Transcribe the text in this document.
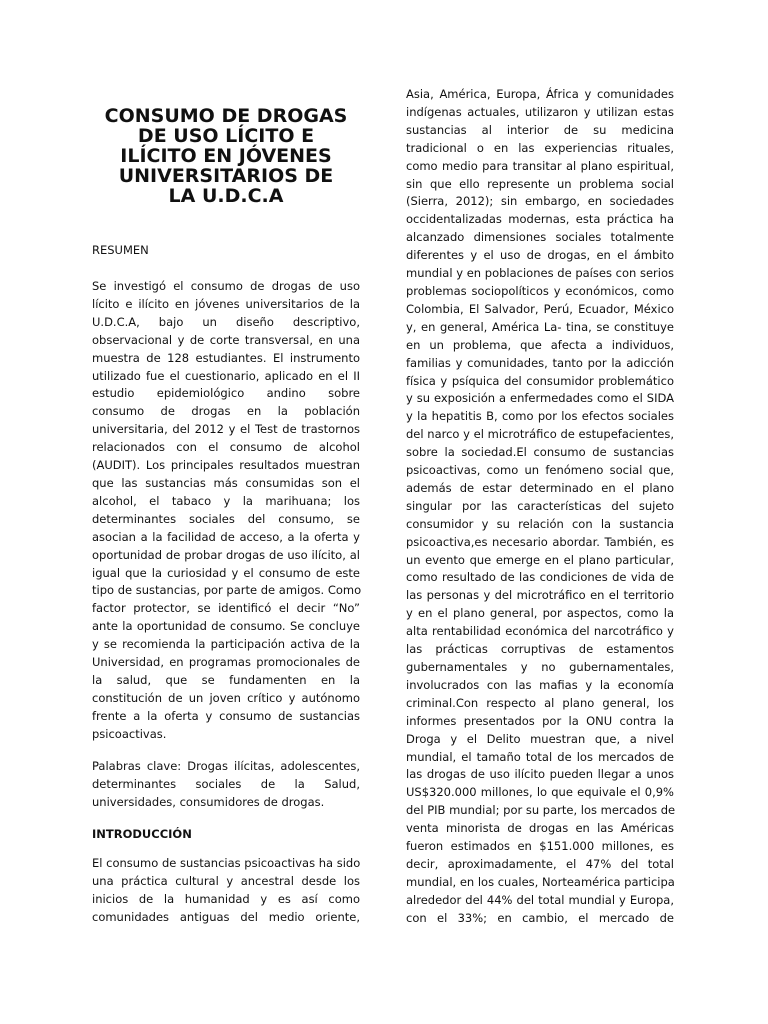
CONSUMO DE DROGAS
DE USO LÍCITO E
ILÍCITO EN JÓVENES
UNIVERSITARIOS DE
LA U.D.C.A
RESUMEN

Se investigó el consumo de drogas de uso
lícito e ilícito en jóvenes universitarios de la
U.D.C.A, bajo un diseño descriptivo,
observacional y de corte transversal, en una
muestra de 128 estudiantes. El instrumento
utilizado fue el cuestionario, aplicado en el II
estudio epidemiológico andino sobre
consumo de drogas en la población
universitaria, del 2012 y el Test de trastornos
relacionados con el consumo de alcohol
(AUDIT). Los principales resultados muestran
que las sustancias más consumidas son el
alcohol, el tabaco y la marihuana; los
determinantes sociales del consumo, se
asocian a la facilidad de acceso, a la oferta y
oportunidad de probar drogas de uso ilícito, al
igual que la curiosidad y el consumo de este
tipo de sustancias, por parte de amigos. Como
factor protector, se identificó el decir “No”
ante la oportunidad de consumo. Se concluye
y se recomienda la participación activa de la
Universidad, en programas promocionales de
la salud, que se fundamenten en la
constitución de un joven crítico y autónomo
frente a la oferta y consumo de sustancias
psicoactivas.

Palabras clave: Drogas ilícitas, adolescentes,
determinantes sociales de la Salud,
universidades, consumidores de drogas.

INTRODUCCIÓN

El consumo de sustancias psicoactivas ha sido
una práctica cultural y ancestral desde los
inicios de la humanidad y es así como
comunidades antiguas del medio oriente,

Asia, América, Europa, África y comunidades
indígenas actuales, utilizaron y utilizan estas
sustancias al interior de su medicina
tradicional o en las experiencias rituales,
como medio para transitar al plano espiritual,
sin que ello represente un problema social
(Sierra, 2012); sin embargo, en sociedades
occidentalizadas modernas, esta práctica ha
alcanzado dimensiones sociales totalmente
diferentes y el uso de drogas, en el ámbito
mundial y en poblaciones de países con serios
problemas sociopolíticos y económicos, como
Colombia, El Salvador, Perú, Ecuador, México
y, en general, América La- tina, se constituye
en un problema, que afecta a individuos,
familias y comunidades, tanto por la adicción
física y psíquica del consumidor problemático
y su exposición a enfermedades como el SIDA
y la hepatitis B, como por los efectos sociales
del narco y el microtráfico de estupefacientes,
sobre la sociedad.El consumo de sustancias
psicoactivas, como un fenómeno social que,
además de estar determinado en el plano
singular por las características del sujeto
consumidor y su relación con la sustancia
psicoactiva,es necesario abordar. También, es
un evento que emerge en el plano particular,
como resultado de las condiciones de vida de
las personas y del microtráfico en el territorio
y en el plano general, por aspectos, como la
alta rentabilidad económica del narcotráfico y
las prácticas corruptivas de estamentos
gubernamentales y no gubernamentales,
involucrados con las mafias y la economía
criminal.Con respecto al plano general, los
informes presentados por la ONU contra la
Droga y el Delito muestran que, a nivel
mundial, el tamaño total de los mercados de
las drogas de uso ilícito pueden llegar a unos
US$320.000 millones, lo que equivale el 0,9%
del PIB mundial; por su parte, los mercados de
venta minorista de drogas en las Américas
fueron estimados en $151.000 millones, es
decir, aproximadamente, el 47% del total
mundial, en los cuales, Norteamérica participa
alrededor del 44% del total mundial y Europa,
con el 33%; en cambio, el mercado de
